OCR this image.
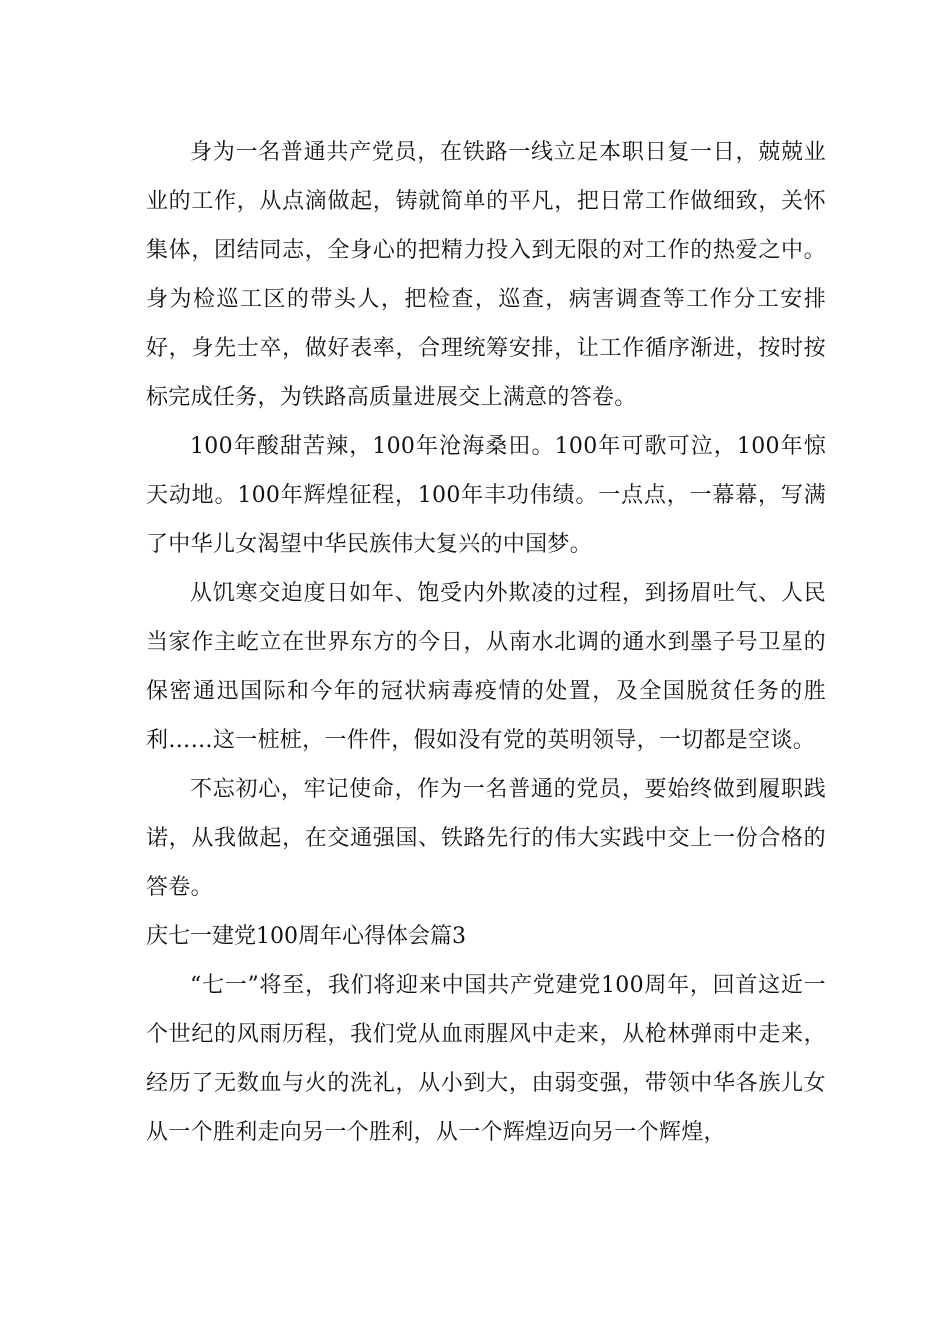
身为一名普通共产党员，在铁路一线立足本职日复一日，兢兢业业的工作，从点滴做起，铸就简单的平凡，把日常工作做细致，关怀集体，团结同志，全身心的把精力投入到无限的对工作的热爱之中。身为检巡工区的带头人，把检查，巡查，病害调查等工作分工安排好，身先士卒，做好表率，合理统筹安排，让工作循序渐进，按时按标完成任务，为铁路高质量进展交上满意的答卷。

100年酸甜苦辣，100年沧海桑田。100年可歌可泣，100年惊天动地。100年辉煌征程，100年丰功伟绩。一点点，一幕幕，写满了中华儿女渴望中华民族伟大复兴的中国梦。

从饥寒交迫度日如年、饱受内外欺凌的过程，到扬眉吐气、人民当家作主屹立在世界东方的今日，从南水北调的通水到墨子号卫星的保密通迅国际和今年的冠状病毒疫情的处置，及全国脱贫任务的胜利……这一桩桩，一件件，假如没有党的英明领导，一切都是空谈。

不忘初心，牢记使命，作为一名普通的党员，要始终做到履职践诺，从我做起，在交通强国、铁路先行的伟大实践中交上一份合格的答卷。

庆七一建党100周年心得体会篇3

“七一”将至，我们将迎来中国共产党建党100周年，回首这近一个世纪的风雨历程，我们党从血雨腥风中走来，从枪林弹雨中走来，经历了无数血与火的洗礼，从小到大，由弱变强，带领中华各族儿女从一个胜利走向另一个胜利，从一个辉煌迈向另一个辉煌，
